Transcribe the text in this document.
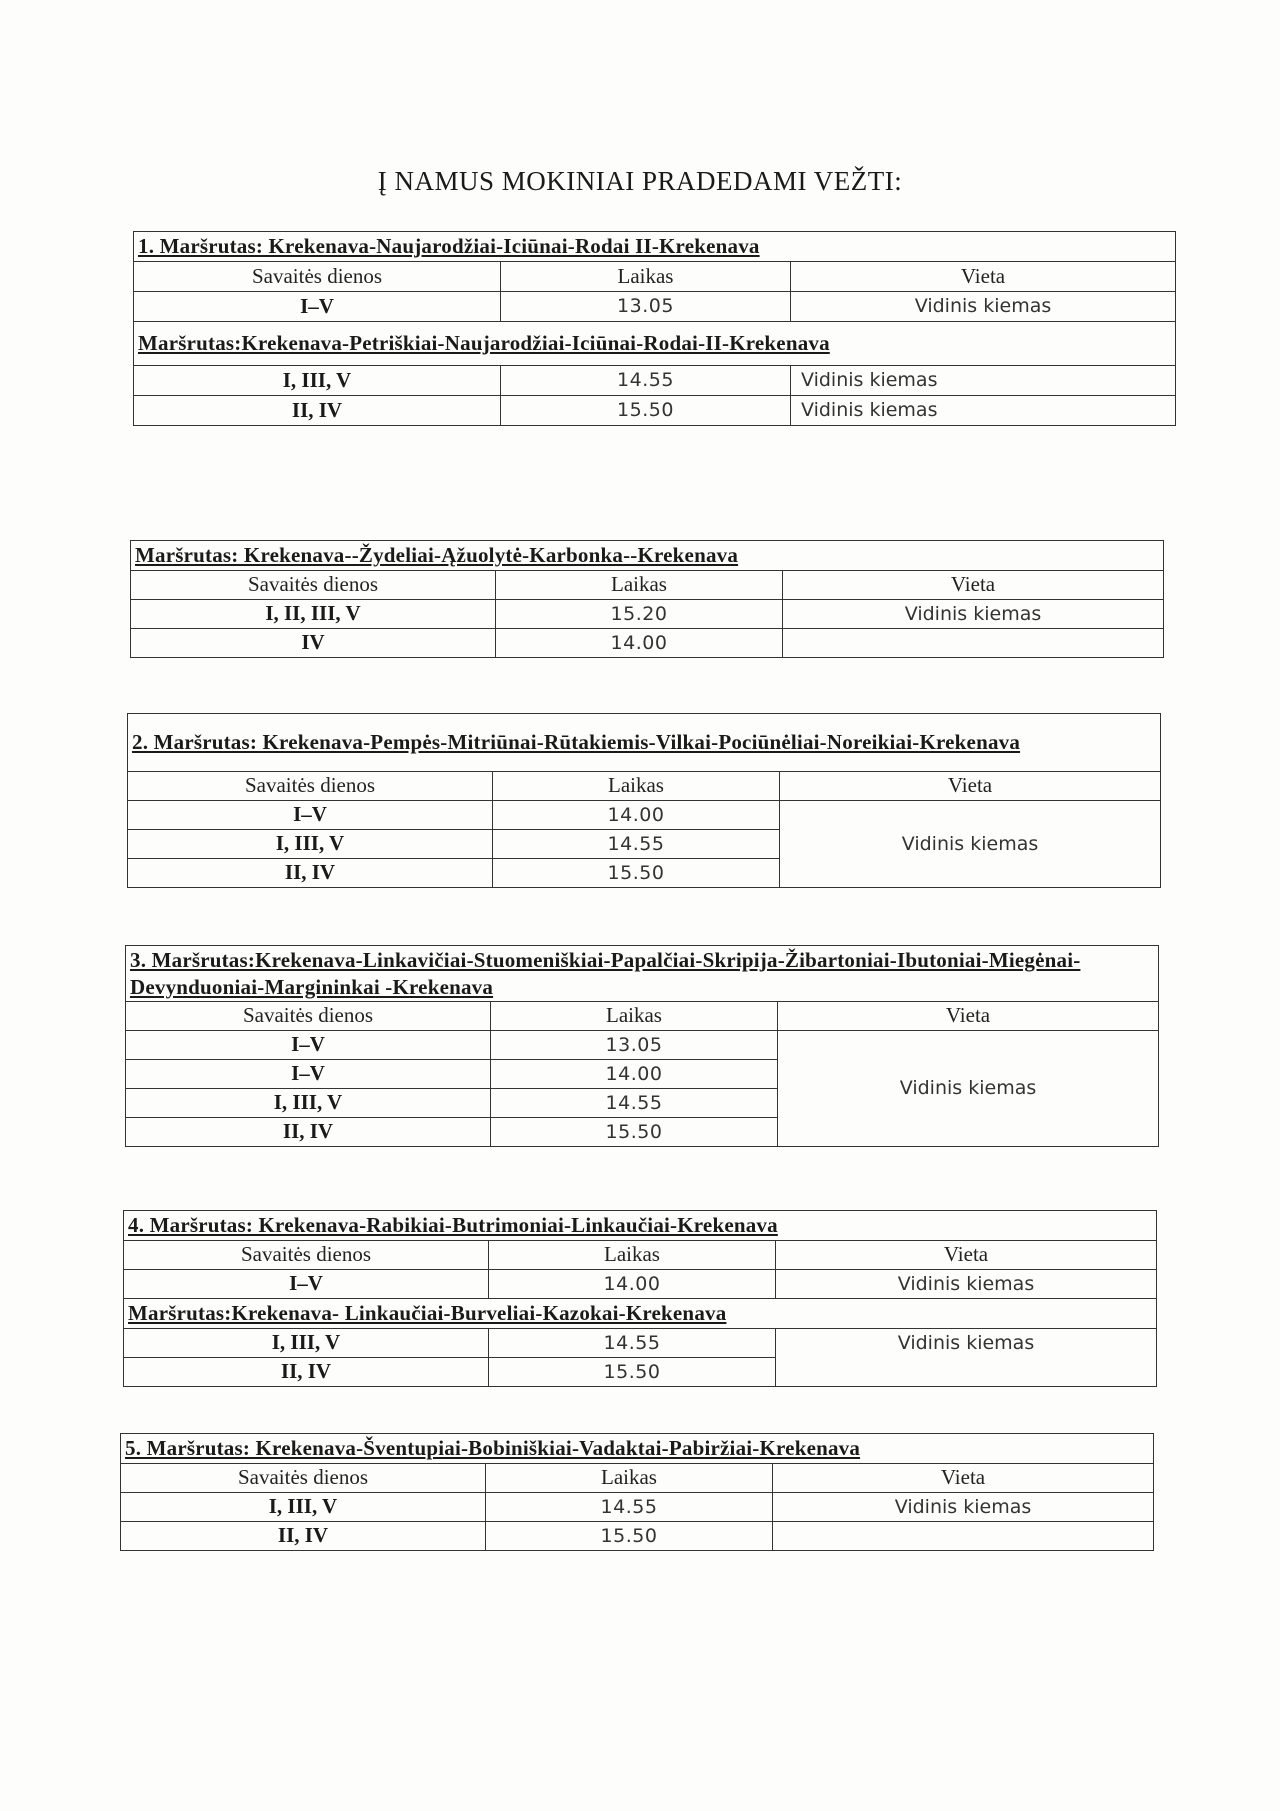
Į NAMUS MOKINIAI PRADEDAMI VEŽTI:
1. Maršrutas: Krekenava-Naujarodžiai-Iciūnai-Rodai II-Krekenava		
Savaitės dienos	Laikas	Vieta
I–V	13.05	Vidinis kiemas
Maršrutas:Krekenava-Petriškiai-Naujarodžiai-Iciūnai-Rodai-II-Krekenava		
I, III, V	14.55	Vidinis kiemas
II, IV	15.50	Vidinis kiemas
Maršrutas: Krekenava--Žydeliai-Ąžuolytė-Karbonka--Krekenava		
Savaitės dienos	Laikas	Vieta
I, II, III, V	15.20	Vidinis kiemas
IV	14.00	
2. Maršrutas: Krekenava-Pempės-Mitriūnai-Rūtakiemis-Vilkai-Pociūnėliai-Noreikiai-Krekenava		
Savaitės dienos	Laikas	Vieta
I–V	14.00	Vidinis kiemas
I, III, V	14.55	
II, IV	15.50	
3. Maršrutas:Krekenava-Linkavičiai-Stuomeniškiai-Papalčiai-Skripija-Žibartoniai-Ibutoniai-Miegėnai-Devynduoniai-Margininkai -Krekenava		
Savaitės dienos	Laikas	Vieta
I–V	13.05	Vidinis kiemas
I–V	14.00	
I, III, V	14.55	
II, IV	15.50	
4. Maršrutas: Krekenava-Rabikiai-Butrimoniai-Linkaučiai-Krekenava		
Savaitės dienos	Laikas	Vieta
I–V	14.00	Vidinis kiemas
Maršrutas:Krekenava- Linkaučiai-Burveliai-Kazokai-Krekenava		
I, III, V	14.55	Vidinis kiemas
II, IV	15.50	
5. Maršrutas: Krekenava-Šventupiai-Bobiniškiai-Vadaktai-Pabiržiai-Krekenava		
Savaitės dienos	Laikas	Vieta
I, III, V	14.55	Vidinis kiemas
II, IV	15.50	
